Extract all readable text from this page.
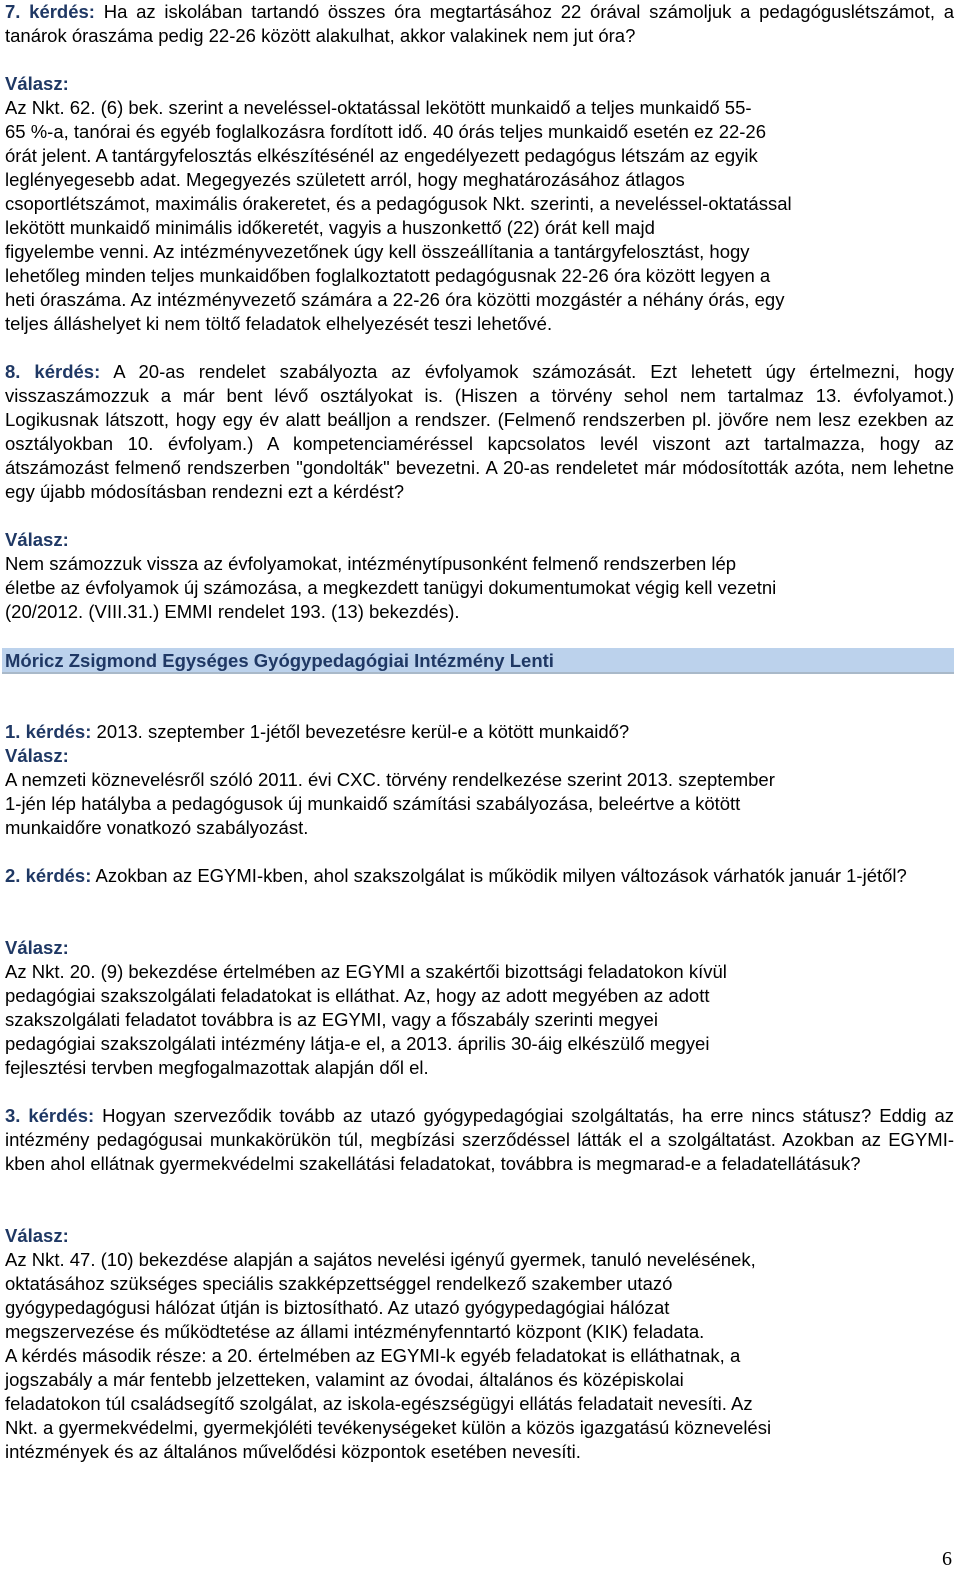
7. kérdés: Ha az iskolában tartandó összes óra megtartásához 22 órával számoljuk a pedagóguslétszámot, a tanárok óraszáma pedig 22-26 között alakulhat, akkor valakinek nem jut óra?

Válasz:
Az Nkt. 62. (6) bek. szerint a neveléssel-oktatással lekötött munkaidő a teljes munkaidő 55-
65 %-a, tanórai és egyéb foglalkozásra fordított idő. 40 órás teljes munkaidő esetén ez 22-26
órát jelent. A tantárgyfelosztás elkészítésénél az engedélyezett pedagógus létszám az egyik
leglényegesebb adat. Megegyezés született arról, hogy meghatározásához átlagos
csoportlétszámot, maximális órakeretet, és a pedagógusok Nkt. szerinti, a neveléssel-oktatással
lekötött munkaidő minimális időkeretét, vagyis a huszonkettő (22) órát kell majd
figyelembe venni. Az intézményvezetőnek úgy kell összeállítania a tantárgyfelosztást, hogy
lehetőleg minden teljes munkaidőben foglalkoztatott pedagógusnak 22-26 óra között legyen a
heti óraszáma. Az intézményvezető számára a 22-26 óra közötti mozgástér a néhány órás, egy
teljes álláshelyet ki nem töltő feladatok elhelyezését teszi lehetővé.

8. kérdés: A 20-as rendelet szabályozta az évfolyamok számozását. Ezt lehetett úgy értelmezni, hogy visszaszámozzuk a már bent lévő osztályokat is. (Hiszen a törvény sehol nem tartalmaz 13. évfolyamot.) Logikusnak látszott, hogy egy év alatt beálljon a rendszer. (Felmenő rendszerben pl. jövőre nem lesz ezekben az osztályokban 10. évfolyam.) A kompetenciaméréssel kapcsolatos levél viszont azt tartalmazza, hogy az átszámozást felmenő rendszerben "gondolták" bevezetni. A 20-as rendeletet már módosították azóta, nem lehetne egy újabb módosításban rendezni ezt a kérdést?

Válasz:
Nem számozzuk vissza az évfolyamokat, intézménytípusonként felmenő rendszerben lép
életbe az évfolyamok új számozása, a megkezdett tanügyi dokumentumokat végig kell vezetni
(20/2012. (VIII.31.) EMMI rendelet 193. (13) bekezdés).
Móricz Zsigmond Egységes Gyógypedagógiai Intézmény Lenti

1. kérdés: 2013. szeptember 1-jétől bevezetésre kerül-e a kötött munkaidő?

Válasz:
A nemzeti köznevelésről szóló 2011. évi CXC. törvény rendelkezése szerint 2013. szeptember
1-jén lép hatályba a pedagógusok új munkaidő számítási szabályozása, beleértve a kötött
munkaidőre vonatkozó szabályozást.

2. kérdés: Azokban az EGYMI-kben, ahol szakszolgálat is működik milyen változások várhatók január 1-jétől?

Válasz:
Az Nkt. 20. (9) bekezdése értelmében az EGYMI a szakértői bizottsági feladatokon kívül
pedagógiai szakszolgálati feladatokat is elláthat. Az, hogy az adott megyében az adott
szakszolgálati feladatot továbbra is az EGYMI, vagy a főszabály szerinti megyei
pedagógiai szakszolgálati intézmény látja-e el, a 2013. április 30-áig elkészülő megyei
fejlesztési tervben megfogalmazottak alapján dől el.

3. kérdés: Hogyan szerveződik tovább az utazó gyógypedagógiai szolgáltatás, ha erre nincs státusz? Eddig az intézmény pedagógusai munkakörükön túl, megbízási szerződéssel látták el a szolgáltatást. Azokban az EGYMI-kben ahol ellátnak gyermekvédelmi szakellátási feladatokat, továbbra is megmarad-e a feladatellátásuk?

Válasz:
Az Nkt. 47. (10) bekezdése alapján a sajátos nevelési igényű gyermek, tanuló nevelésének,
oktatásához szükséges speciális szakképzettséggel rendelkező szakember utazó
gyógypedagógusi hálózat útján is biztosítható. Az utazó gyógypedagógiai hálózat
megszervezése és működtetése az állami intézményfenntartó központ (KIK) feladata.
A kérdés második része: a 20. értelmében az EGYMI-k egyéb feladatokat is elláthatnak, a
jogszabály a már fentebb jelzetteken, valamint az óvodai, általános és középiskolai
feladatokon túl családsegítő szolgálat, az iskola-egészségügyi ellátás feladatait nevesíti. Az
Nkt. a gyermekvédelmi, gyermekjóléti tevékenységeket külön a közös igazgatású köznevelési
intézmények és az általános művelődési központok esetében nevesíti.
6
